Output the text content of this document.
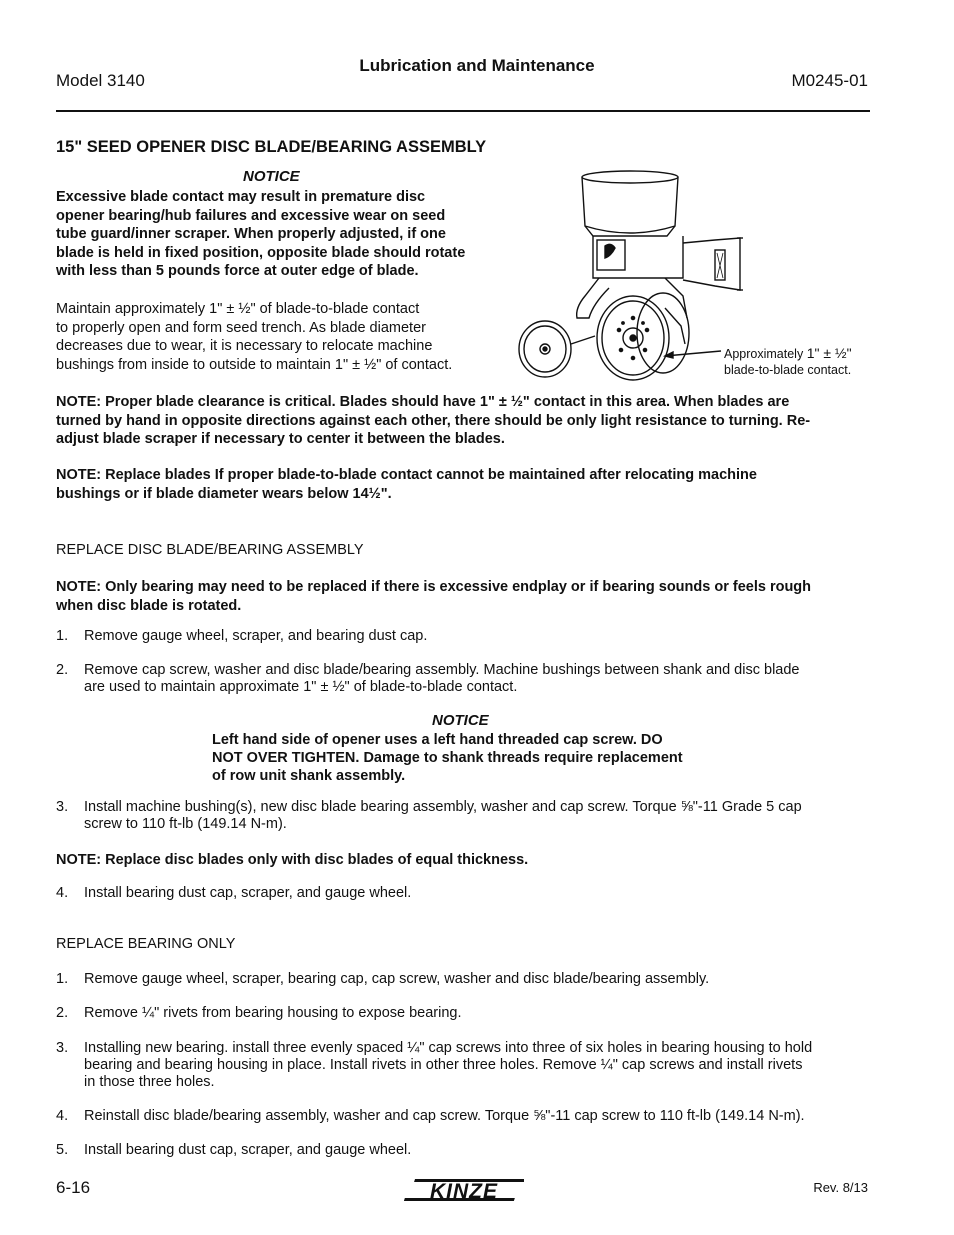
Lubrication and Maintenance
Model 3140	M0245-01
15" SEED OPENER DISC BLADE/BEARING ASSEMBLY
NOTICE
Excessive blade contact may result in premature disc
opener bearing/hub failures and excessive wear on seed
tube guard/inner scraper. When properly adjusted, if one
blade is held in fixed position, opposite blade should rotate
with less than 5 pounds force at outer edge of blade.
Maintain approximately 1" ± ½" of blade-to-blade contact
to properly open and form seed trench. As blade diameter
decreases due to wear, it is necessary to relocate machine
bushings from inside to outside to maintain 1" ± ½" of contact.
Approximately 1" ± ½"
blade-to-blade contact.
NOTE: Proper blade clearance is critical. Blades should have 1" ± ½" contact in this area. When blades are
turned by hand in opposite directions against each other, there should be only light resistance to turning. Re-
adjust blade scraper if necessary to center it between the blades.
NOTE: Replace blades If proper blade-to-blade contact cannot be maintained after relocating machine
bushings or if blade diameter wears below 14½".
REPLACE DISC BLADE/BEARING ASSEMBLY
NOTE: Only bearing may need to be replaced if there is excessive endplay or if bearing sounds or feels rough
when disc blade is rotated.
1. Remove gauge wheel, scraper, and bearing dust cap.
2. Remove cap screw, washer and disc blade/bearing assembly. Machine bushings between shank and disc blade
are used to maintain approximate 1" ± ½" of blade-to-blade contact.
NOTICE
Left hand side of opener uses a left hand threaded cap screw. DO
NOT OVER TIGHTEN. Damage to shank threads require replacement
of row unit shank assembly.
3. Install machine bushing(s), new disc blade bearing assembly, washer and cap screw. Torque ⅝"-11 Grade 5 cap
screw to 110 ft-lb (149.14 N-m).
NOTE: Replace disc blades only with disc blades of equal thickness.
4. Install bearing dust cap, scraper, and gauge wheel.
REPLACE BEARING ONLY
1. Remove gauge wheel, scraper, bearing cap, cap screw, washer and disc blade/bearing assembly.
2. Remove ¼" rivets from bearing housing to expose bearing.
3. Installing new bearing. install three evenly spaced ¼" cap screws into three of six holes in bearing housing to hold
bearing and bearing housing in place. Install rivets in other three holes. Remove ¼" cap screws and install rivets
in those three holes.
4. Reinstall disc blade/bearing assembly, washer and cap screw. Torque ⅝"-11 cap screw to 110 ft-lb (149.14 N-m).
5. Install bearing dust cap, scraper, and gauge wheel.
6-16	KINZE	Rev. 8/13
